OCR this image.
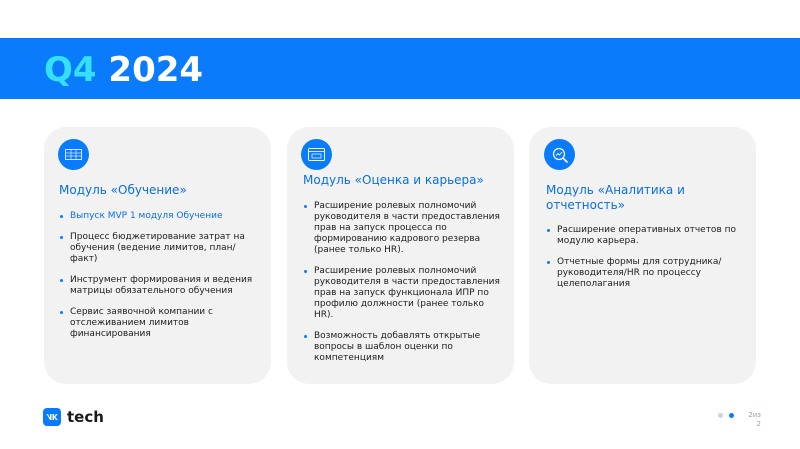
Q4 2024
Модуль «Обучение»
Выпуск MVP 1 модуля Обучение
Процесс бюджетирование затрат на обучения (ведение лимитов, план/факт)
Инструмент формирования и ведения матрицы обязательного обучения
Сервис заявочной компании с отслеживанием лимитов финансирования
Модуль «Оценка и карьера»
Расширение ролевых полномочий руководителя в части предоставления прав на запуск процесса по формированию кадрового резерва (ранее только HR).
Расширение ролевых полномочий руководителя в части предоставления прав на запуск функционала ИПР по профилю должности (ранее только HR).
Возможность добавлять открытые вопросы в шаблон оценки по компетенциям
Модуль «Аналитика и отчетность»
Расширение оперативных отчетов по модулю карьера.
Отчетные формы для сотрудника/руководителя/HR по процессу целеполагания
tech	2из
2
